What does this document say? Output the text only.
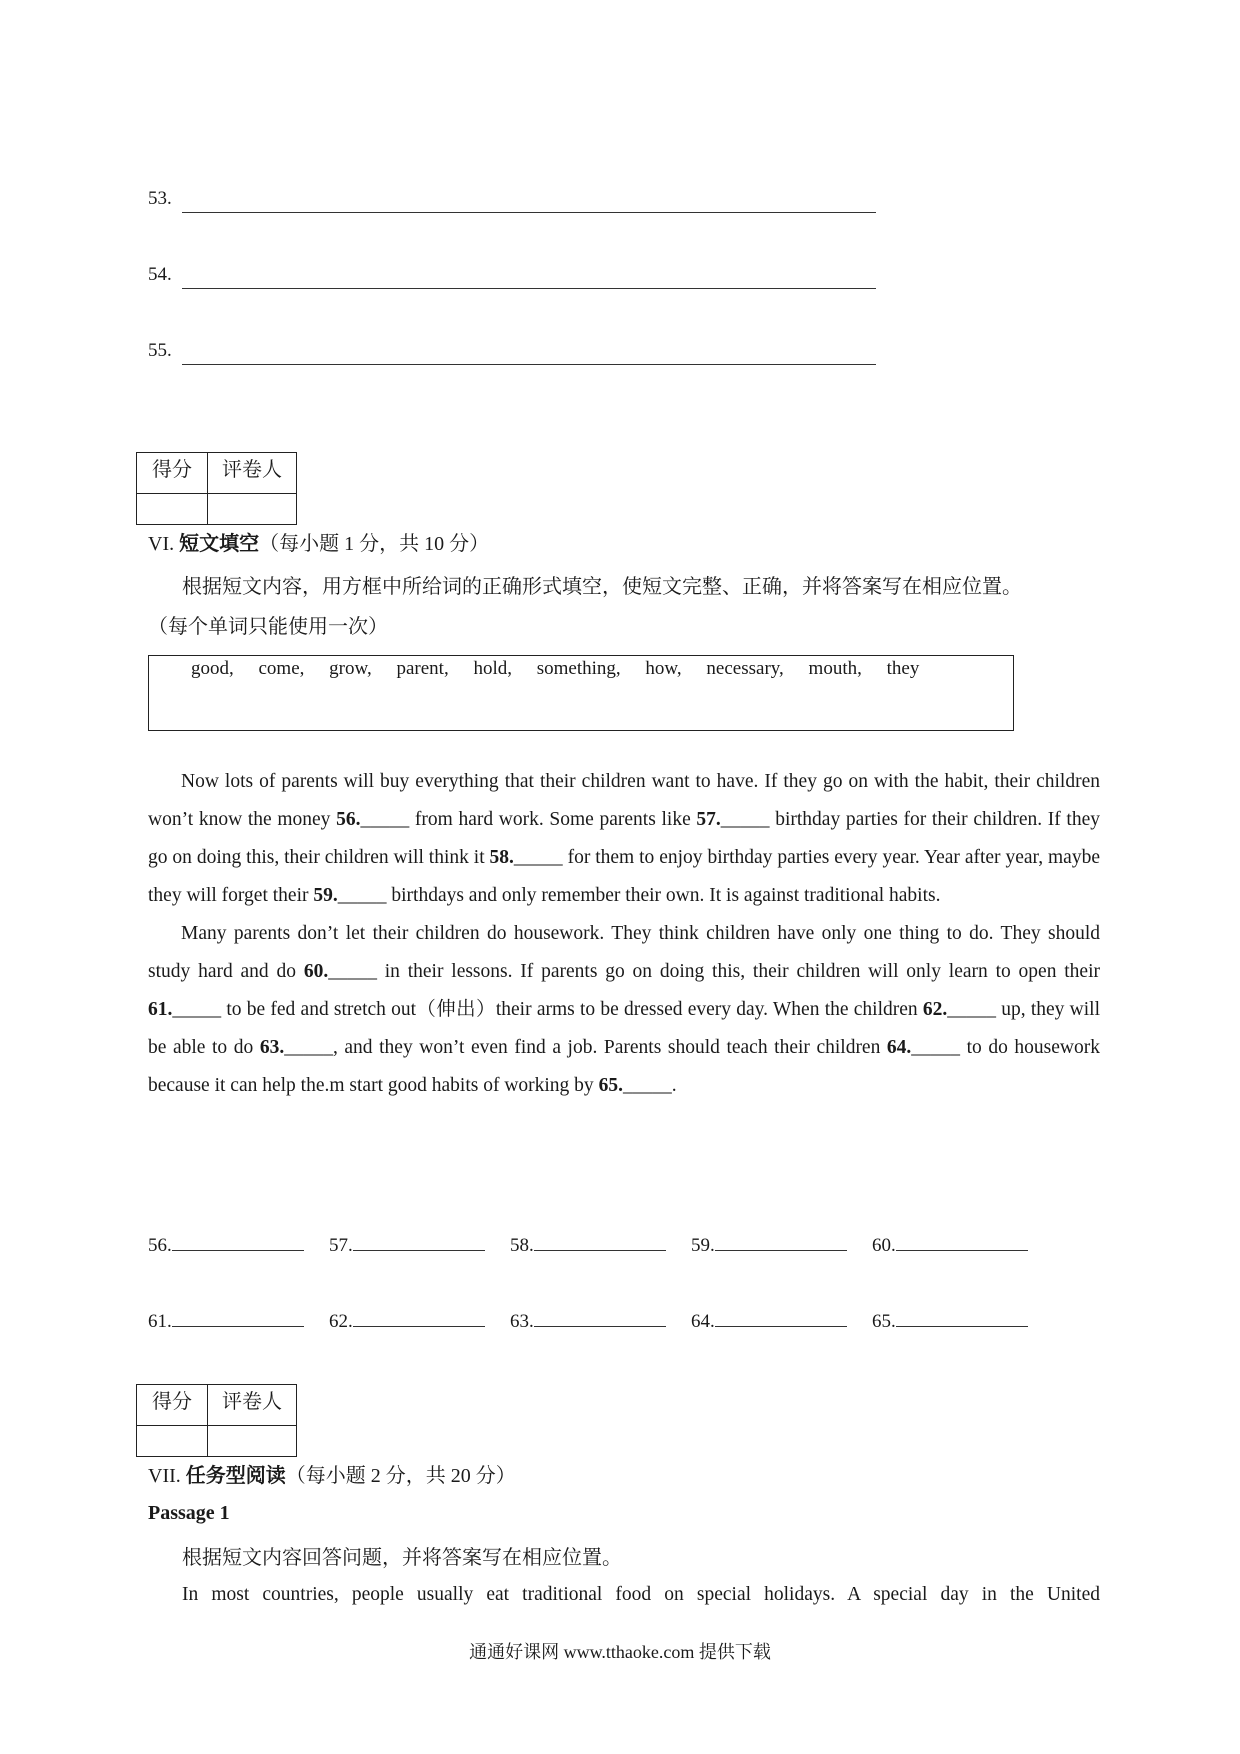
53.
54.
55.
得分	评卷人

VI. 短文填空（每小题 1 分，共 10 分）
根据短文内容，用方框中所给词的正确形式填空，使短文完整、正确，并将答案写在相应位置。
（每个单词只能使用一次）
good, come, grow, parent, hold, something, how, necessary, mouth, they

Now lots of parents will buy everything that their children want to have. If they go on with the habit, their children won’t know the money 56._____ from hard work. Some parents like 57._____ birthday parties for their children. If they go on doing this, their children will think it 58._____ for them to enjoy birthday parties every year. Year after year, maybe they will forget their 59._____ birthdays and only remember their own. It is against traditional habits.

Many parents don’t let their children do housework. They think children have only one thing to do. They should study hard and do 60._____ in their lessons. If parents go on doing this, their children will only learn to open their 61._____ to be fed and stretch out（伸出）their arms to be dressed every day. When the children 62._____ up, they will be able to do 63._____, and they won’t even find a job. Parents should teach their children 64._____ to do housework because it can help the.m start good habits of working by 65._____.

56.	57.	58.	59.	60.
61.	62.	63.	64.	65.
得分	评卷人

VII. 任务型阅读（每小题 2 分，共 20 分）
Passage 1
根据短文内容回答问题，并将答案写在相应位置。
In most countries, people usually eat traditional food on special holidays. A special day in the United
通通好课网 www.tthaoke.com 提供下载
